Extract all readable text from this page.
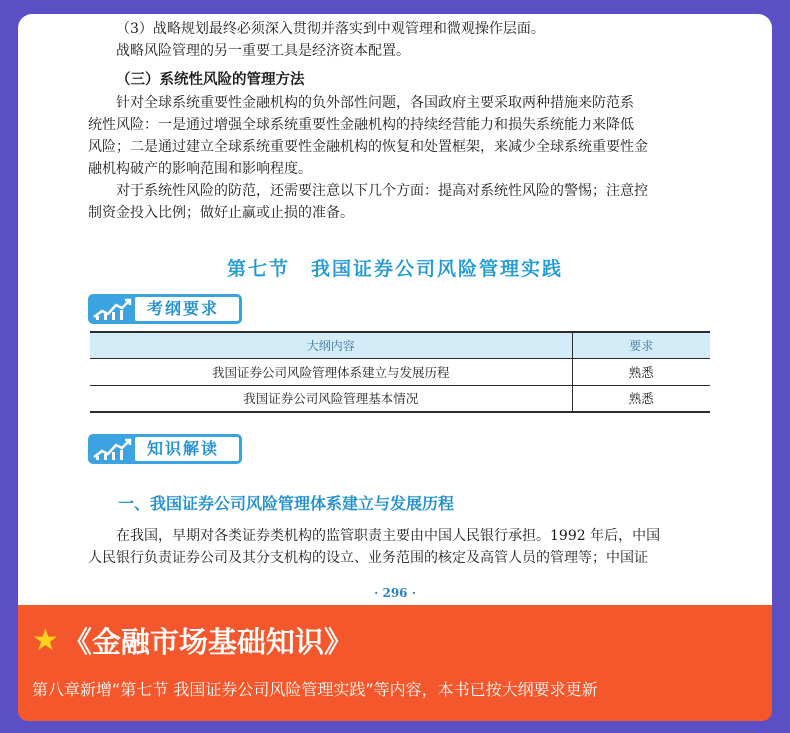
（3）战略规划最终必须深入贯彻并落实到中观管理和微观操作层面。
战略风险管理的另一重要工具是经济资本配置。
（三）系统性风险的管理方法
针对全球系统重要性金融机构的负外部性问题，各国政府主要采取两种措施来防范系
统性风险：一是通过增强全球系统重要性金融机构的持续经营能力和损失系统能力来降低
风险；二是通过建立全球系统重要性金融机构的恢复和处置框架，来减少全球系统重要性金
融机构破产的影响范围和影响程度。
对于系统性风险的防范，还需要注意以下几个方面：提高对系统性风险的警惕；注意控
制资金投入比例；做好止赢或止损的准备。
第七节　我国证券公司风险管理实践
考纲要求
大纲内容	要求
我国证券公司风险管理体系建立与发展历程	熟悉
我国证券公司风险管理基本情况	熟悉
知识解读
一、我国证券公司风险管理体系建立与发展历程
在我国，早期对各类证券类机构的监管职责主要由中国人民银行承担。1992 年后，中国
人民银行负责证券公司及其分支机构的设立、业务范围的核定及高管人员的管理等；中国证
· 296 ·
★ 《金融市场基础知识》
第八章新增“第七节 我国证券公司风险管理实践”等内容，本书已按大纲要求更新
